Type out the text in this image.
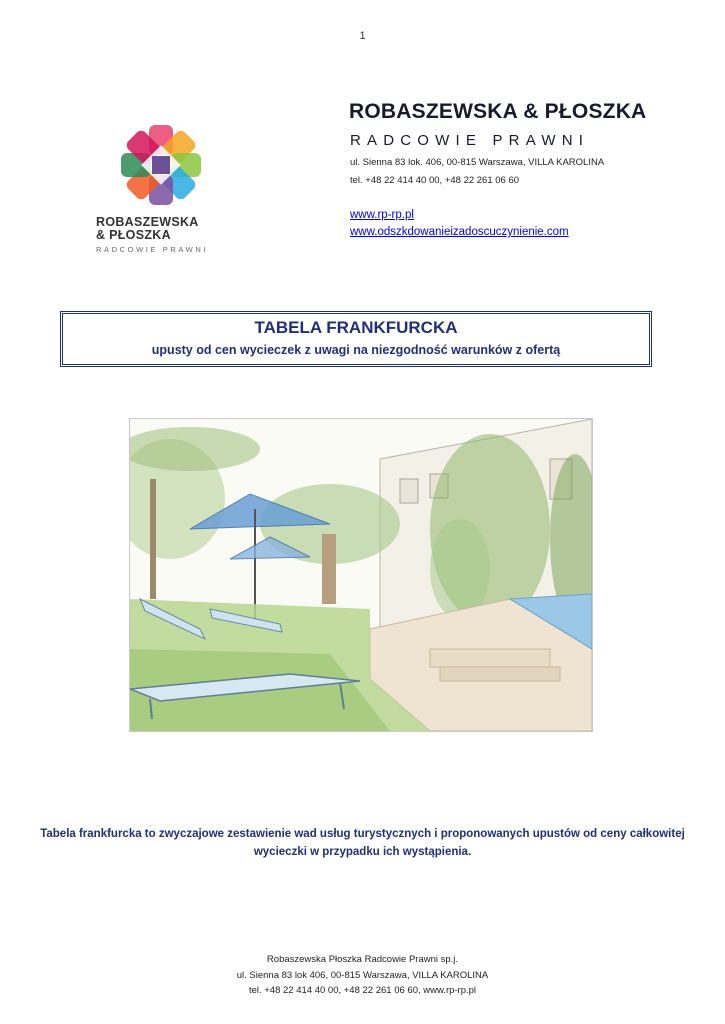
1
ROBASZEWSKA
& PŁOSZKA
RADCOWIE PRAWNI
ROBASZEWSKA & PŁOSZKA
RADCOWIE PRAWNI
ul. Sienna 83 lok. 406, 00-815 Warszawa, VILLA KAROLINA
tel. +48 22 414 40 00, +48 22 261 06 60
www.rp-rp.pl
www.odszkdowanieizadoscuczynienie.com
TABELA FRANKFURCKA
upusty od cen wycieczek z uwagi na niezgodność warunków z ofertą
Tabela frankfurcka to zwyczajowe zestawienie wad usług turystycznych i proponowanych upustów od ceny całkowitej wycieczki w przypadku ich wystąpienia.
Robaszewska Płoszka Radcowie Prawni sp.j.
ul. Sienna 83 lok 406, 00-815 Warszawa, VILLA KAROLINA
tel. +48 22 414 40 00, +48 22 261 06 60, www.rp-rp.pl
